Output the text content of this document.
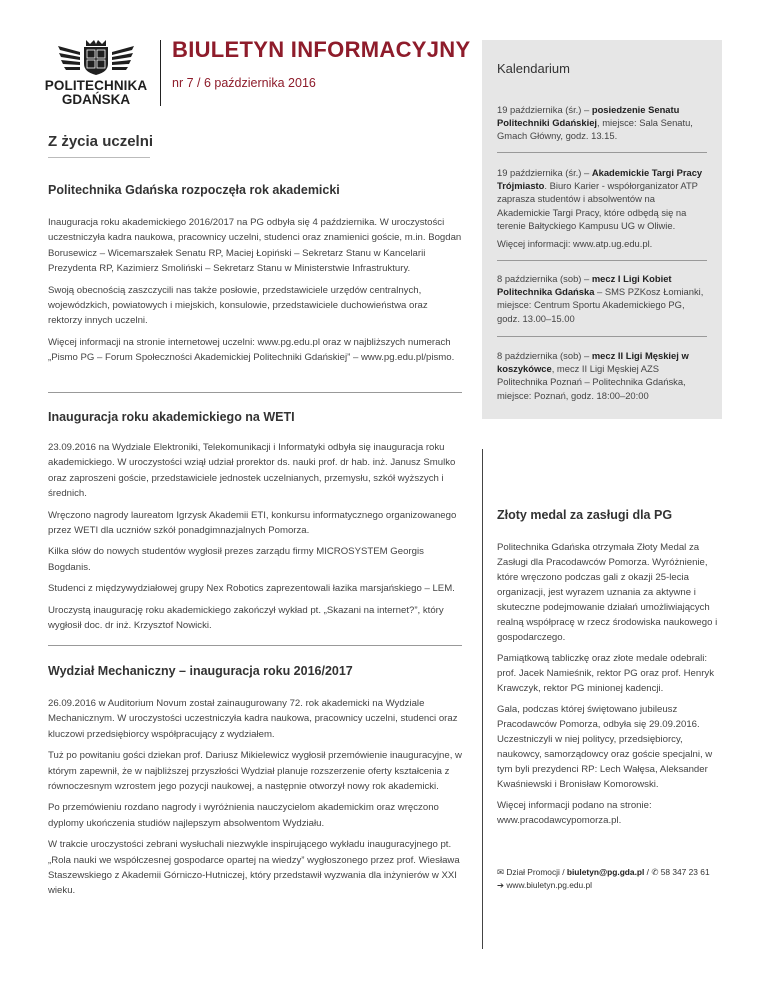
POLITECHNIKA
GDAŃSKA
BIULETYN INFORMACYJNY
nr 7 / 6 października 2016
Z życia uczelni
Politechnika Gdańska rozpoczęła rok akademicki

Inauguracja roku akademickiego 2016/2017 na PG odbyła się 4 października. W uroczystości uczestniczyła kadra naukowa, pracownicy uczelni, studenci oraz znamienici goście, m.in. Bogdan Borusewicz – Wicemarszałek Senatu RP, Maciej Łopiński – Sekretarz Stanu w Kancelarii Prezydenta RP, Kazimierz Smoliński – Sekretarz Stanu w Ministerstwie Infrastruktury.

Swoją obecnością zaszczycili nas także posłowie, przedstawiciele urzędów centralnych, wojewódzkich, powiatowych i miejskich, konsulowie, przedstawiciele duchowieństwa oraz rektorzy innych uczelni.

Więcej informacji na stronie internetowej uczelni: www.pg.edu.pl oraz w najbliższych numerach „Pismo PG – Forum Społeczności Akademickiej Politechniki Gdańskiej” – www.pg.edu.pl/pismo.

Inauguracja roku akademickiego na WETI

23.09.2016 na Wydziale Elektroniki, Telekomunikacji i Informatyki odbyła się inauguracja roku akademickiego. W uroczystości wziął udział prorektor ds. nauki prof. dr hab. inż. Janusz Smulko oraz zaproszeni goście, przedstawiciele jednostek uczelnianych, przemysłu, szkół wyższych i średnich.

Wręczono nagrody laureatom Igrzysk Akademii ETI, konkursu informatycznego organizowanego przez WETI dla uczniów szkół ponadgimnazjalnych Pomorza.

Kilka słów do nowych studentów wygłosił prezes zarządu firmy MICROSYSTEM Georgis Bogdanis.

Studenci z międzywydziałowej grupy Nex Robotics zaprezentowali łazika marsjańskiego – LEM.

Uroczystą inaugurację roku akademickiego zakończył wykład pt. „Skazani na internet?”, który wygłosił doc. dr inż. Krzysztof Nowicki.

Wydział Mechaniczny – inauguracja roku 2016/2017

26.09.2016 w Auditorium Novum został zainaugurowany 72. rok akademicki na Wydziale Mechanicznym. W uroczystości uczestniczyła kadra naukowa, pracownicy uczelni, studenci oraz kluczowi przedsiębiorcy współpracujący z wydziałem.

Tuż po powitaniu gości dziekan prof. Dariusz Mikielewicz wygłosił przemówienie inauguracyjne, w którym zapewnił, że w najbliższej przyszłości Wydział planuje rozszerzenie oferty kształcenia z równoczesnym wzrostem jego pozycji naukowej, a następnie otworzył nowy rok akademicki.

Po przemówieniu rozdano nagrody i wyróżnienia nauczycielom akademickim oraz wręczono dyplomy ukończenia studiów najlepszym absolwentom Wydziału.

W trakcie uroczystości zebrani wysłuchali niezwykle inspirującego wykładu inauguracyjnego pt. „Rola nauki we współczesnej gospodarce opartej na wiedzy” wygłoszonego przez prof. Wiesława Staszewskiego z Akademii Górniczo-Hutniczej, który przedstawił wyzwania dla inżynierów w XXI wieku.

Kalendarium

19 października (śr.) – posiedzenie Senatu Politechniki Gdańskiej, miejsce: Sala Senatu, Gmach Główny, godz. 13.15.

19 października (śr.) – Akademickie Targi Pracy Trójmiasto. Biuro Karier - współorganizator ATP zaprasza studentów i absolwentów na Akademickie Targi Pracy, które odbędą się na terenie Bałtyckiego Kampusu UG w Oliwie.

Więcej informacji: www.atp.ug.edu.pl.

8 października (sob) – mecz I Ligi Kobiet Politechnika Gdańska – SMS PZKosz Łomianki, miejsce: Centrum Sportu Akademickiego PG, godz. 13.00–15.00

8 października (sob) – mecz II Ligi Męskiej w koszykówce, mecz II Ligi Męskiej AZS Politechnika Poznań – Politechnika Gdańska, miejsce: Poznań, godz. 18:00–20:00

Złoty medal za zasługi dla PG

Politechnika Gdańska otrzymała Złoty Medal za Zasługi dla Pracodawców Pomorza. Wyróżnienie, które wręczono podczas gali z okazji 25-lecia organizacji, jest wyrazem uznania za aktywne i skuteczne podejmowanie działań umożliwiających realną współpracę w rzecz środowiska naukowego i gospodarczego.

Pamiątkową tabliczkę oraz złote medale odebrali: prof. Jacek Namieśnik, rektor PG oraz prof. Henryk Krawczyk, rektor PG minionej kadencji.

Gala, podczas której świętowano jubileusz Pracodawców Pomorza, odbyła się 29.09.2016. Uczestniczyli w niej politycy, przedsiębiorcy, naukowcy, samorządowcy oraz goście specjalni, w tym byli prezydenci RP: Lech Wałęsa, Aleksander Kwaśniewski i Bronisław Komorowski.

Więcej informacji podano na stronie: www.pracodawcypomorza.pl.

✉ Dział Promocji / biuletyn@pg.gda.pl / ✆ 58 347 23 61
➔ www.biuletyn.pg.edu.pl
